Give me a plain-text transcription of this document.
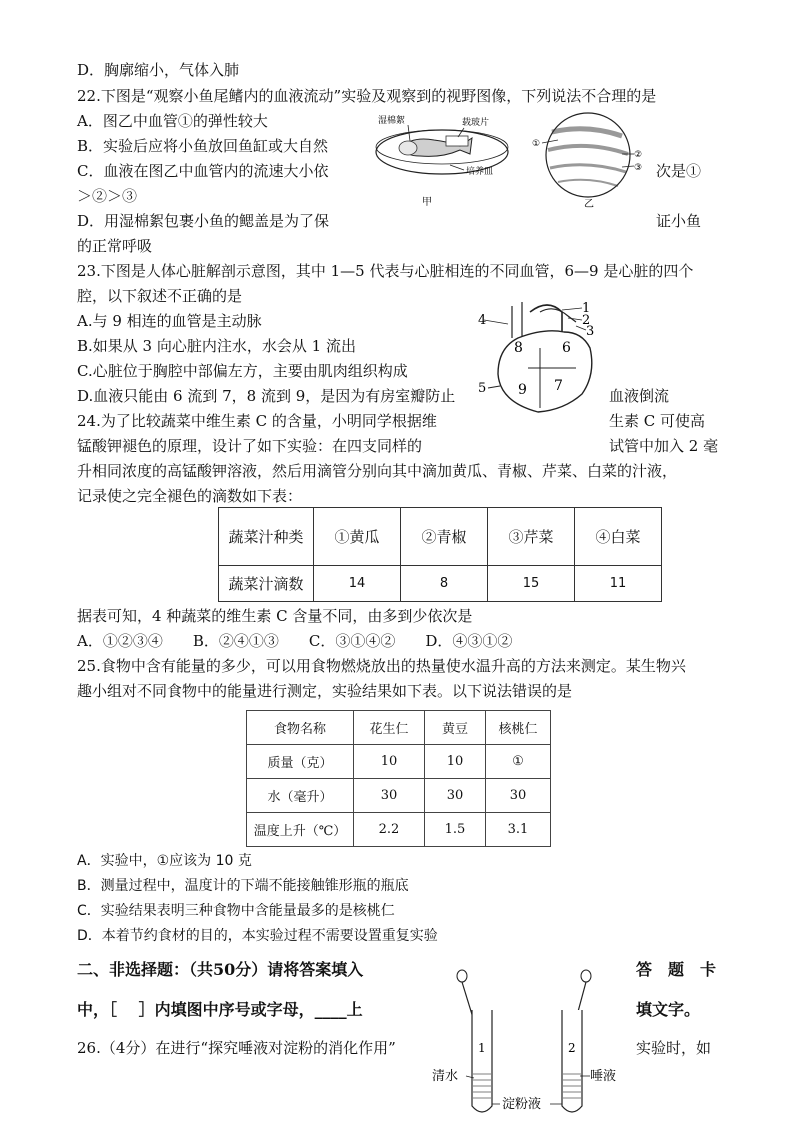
D．胸廓缩小，气体入肺
22.下图是“观察小鱼尾鳍内的血液流动”实验及观察到的视野图像，下列说法不合理的是
A．图乙中血管①的弹性较大
B．实验后应将小鱼放回鱼缸或大自然
C．血液在图乙中血管内的流速大小依	次是①
＞②＞③
D．用湿棉絮包裹小鱼的鳃盖是为了保	证小鱼
的正常呼吸
23.下图是人体心脏解剖示意图，其中 1—5 代表与心脏相连的不同血管，6—9 是心脏的四个
腔，以下叙述不正确的是
A.与 9 相连的血管是主动脉
B.如果从 3 向心脏内注水，水会从 1 流出
C.心脏位于胸腔中部偏左方，主要由肌肉组织构成
D.血液只能由 6 流到 7，8 流到 9，是因为有房室瓣防止	血液倒流
24.为了比较蔬菜中维生素 C 的含量，小明同学根据维	生素 C 可使高
锰酸钾褪色的原理，设计了如下实验：在四支同样的	试管中加入 2 毫
升相同浓度的高锰酸钾溶液，然后用滴管分别向其中滴加黄瓜、青椒、芹菜、白菜的汁液，
记录使之完全褪色的滴数如下表：
蔬菜汁种类	①黄瓜	②青椒	③芹菜	④白菜
蔬菜汁滴数	14	8	15	11
据表可知，4 种蔬菜的维生素 C 含量不同，由多到少依次是
A．①②③④　　B．②④①③　　C．③①④②　　D．④③①②
25.食物中含有能量的多少，可以用食物燃烧放出的热量使水温升高的方法来测定。某生物兴
趣小组对不同食物中的能量进行测定，实验结果如下表。以下说法错误的是
食物名称	花生仁	黄豆	核桃仁
质量（克）	10	10	①
水（毫升）	30	30	30
温度上升（℃）	2.2	1.5	3.1
A．实验中，①应该为 10 克
B．测量过程中，温度计的下端不能接触锥形瓶的瓶底
C．实验结果表明三种食物中含能量最多的是核桃仁
D．本着节约食材的目的，本实验过程不需要设置重复实验
二、非选择题：（共50分）请将答案填入	答　题　卡
中，［　 ］内填图中序号或字母，____上	填文字。
26.（4分）在进行“探究唾液对淀粉的消化作用”	实验时，如
湿棉絮	载玻片
培养皿
甲
①
②
③
乙
1
2
3
4
5
6
7
8
9
1	2
清水	唾液
淀粉液
